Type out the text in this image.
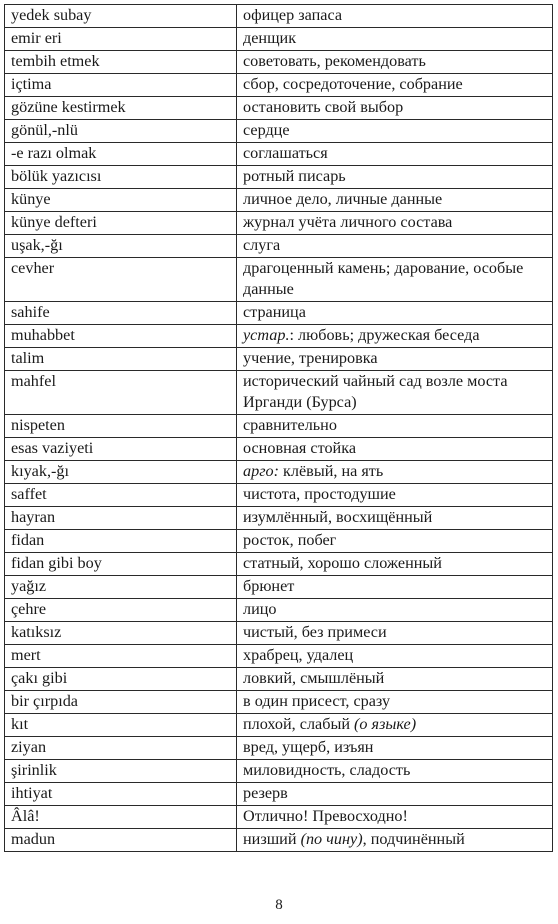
yedek subay	офицер запаса
emir eri	денщик
tembih etmek	советовать, рекомендовать
içtima	сбор, сосредоточение, собрание
gözüne kestirmek	остановить свой выбор
gönül,-nlü	сердце
-e razı olmak	соглашаться
bölük yazıcısı	ротный писарь
künye	личное дело, личные данные
künye defteri	журнал учёта личного состава
uşak,-ğı	слуга
cevher	драгоценный камень; дарование, особые данные
sahife	страница
muhabbet	устар.: любовь; дружеская беседа
talim	учение, тренировка
mahfel	исторический чайный сад возле моста Ирганди (Бурса)
nispeten	сравнительно
esas vaziyeti	основная стойка
kıyak,-ğı	арго: клёвый, на ять
saffet	чистота, простодушие
hayran	изумлённый, восхищённый
fidan	росток, побег
fidan gibi boy	статный, хорошо сложенный
yağız	брюнет
çehre	лицо
katıksız	чистый, без примеси
mert	храбрец, удалец
çakı gibi	ловкий, смышлёный
bir çırpıda	в один присест, сразу
kıt	плохой, слабый (о языке)
ziyan	вред, ущерб, изъян
şirinlik	миловидность, сладость
ihtiyat	резерв
Âlâ!	Отлично! Превосходно!
madun	низший (по чину), подчинённый
8
